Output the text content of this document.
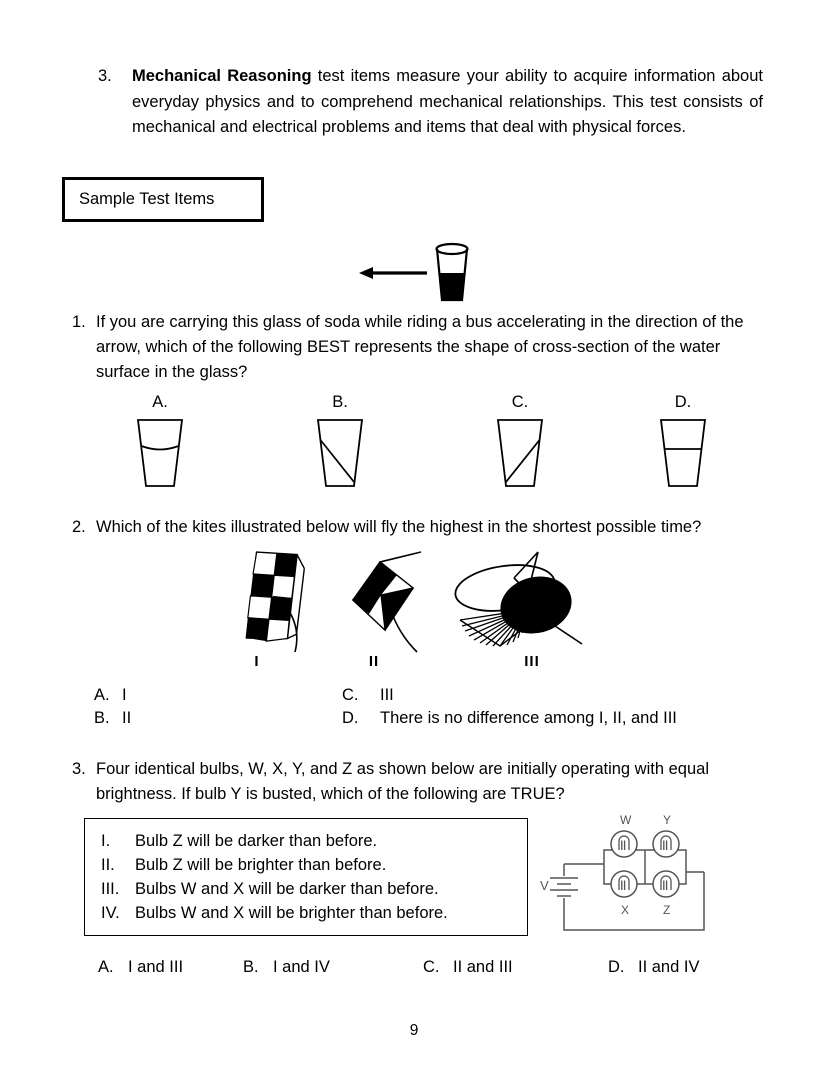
3.	Mechanical Reasoning test items measure your ability to acquire information about everyday physics and to comprehend mechanical relationships. This test consists of mechanical and electrical problems and items that deal with physical forces.
Sample Test Items
1. If you are carrying this glass of soda while riding a bus accelerating in the direction of the arrow, which of the following BEST represents the shape of cross-section of the water surface in the glass?
A.	B.	C.	D.
2. Which of the kites illustrated below will fly the highest in the shortest possible time?
I	II	III
A. I	C.	III
B. II	D.	There is no difference among I, II, and III
3. Four identical bulbs, W, X, Y, and Z as shown below are initially operating with equal brightness. If bulb Y is busted, which of the following are TRUE?
I.	Bulb Z will be darker than before.
II.	Bulb Z will be brighter than before.
III. Bulbs W and X will be darker than before.
IV. Bulbs W and X will be brighter than before.
V
W	Y
X	Z
A. I and III	B. I and IV	C. II and III	D. II and IV
9
